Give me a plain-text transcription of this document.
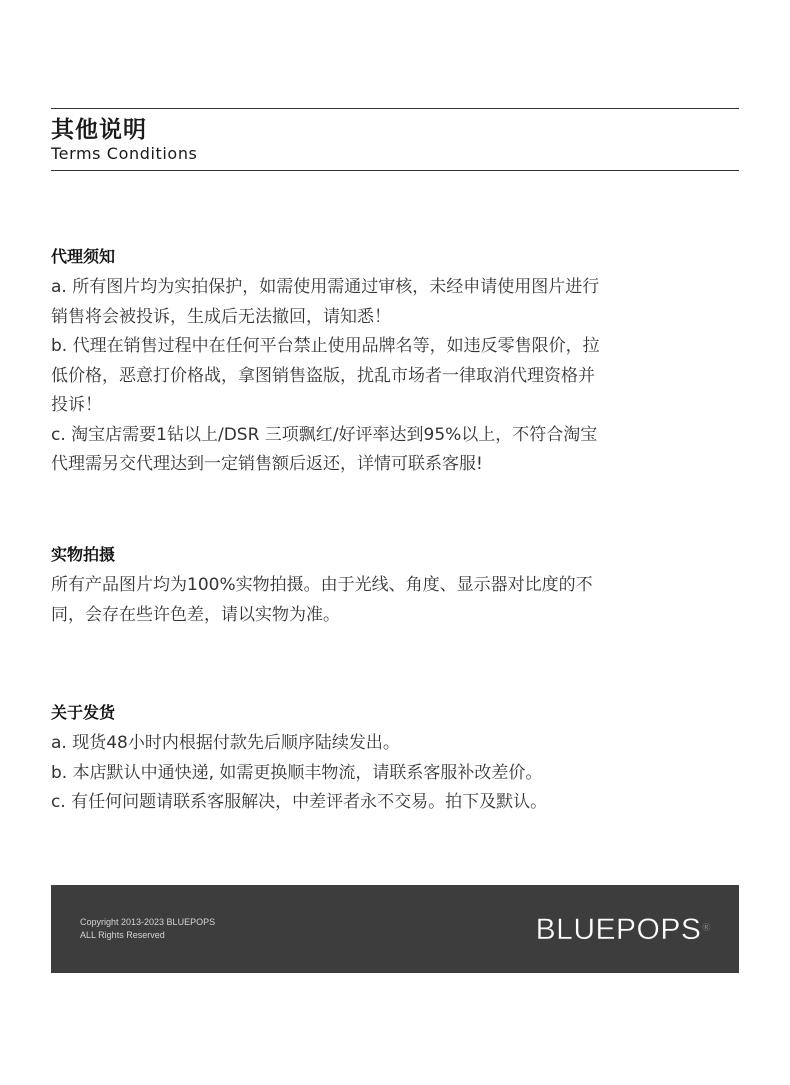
其他说明
Terms Conditions
代理须知
a. 所有图片均为实拍保护，如需使用需通过审核，未经申请使用图片进行
销售将会被投诉，生成后无法撤回，请知悉！
b. 代理在销售过程中在任何平台禁止使用品牌名等，如违反零售限价，拉
低价格，恶意打价格战，拿图销售盗版，扰乱市场者一律取消代理资格并
投诉！
c. 淘宝店需要1钻以上/DSR 三项飘红/好评率达到95%以上，不符合淘宝
代理需另交代理达到一定销售额后返还，详情可联系客服!
实物拍摄
所有产品图片均为100%实物拍摄。由于光线、角度、显示器对比度的不
同，会存在些许色差，请以实物为准。
关于发货
a. 现货48小时内根据付款先后顺序陆续发出。
b. 本店默认中通快递, 如需更换顺丰物流，请联系客服补改差价。
c. 有任何问题请联系客服解决，中差评者永不交易。拍下及默认。
Copyright 2013-2023 BLUEPOPS
ALL Rights Reserved	BLUEPOPS®
